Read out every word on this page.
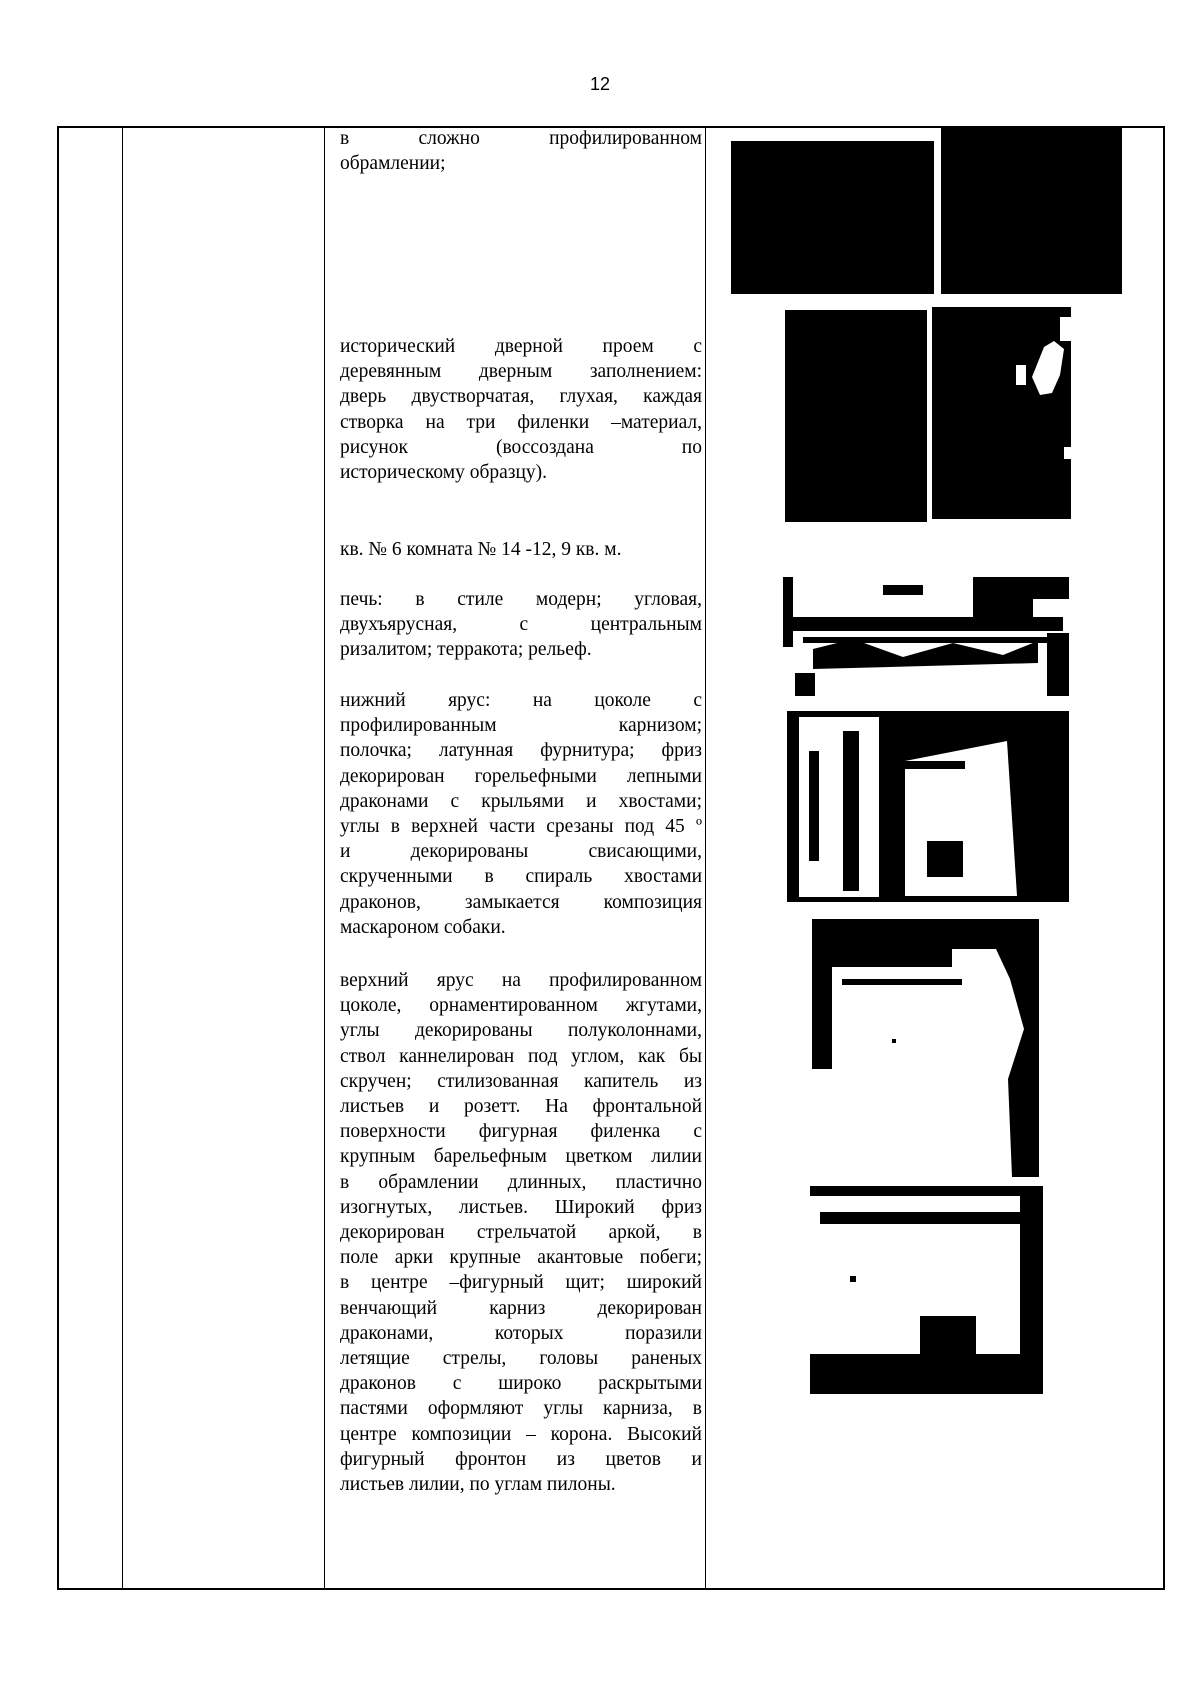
12

в сложно профилированном
обрамлении;

исторический дверной проем с
деревянным дверным заполнением:
дверь двустворчатая, глухая, каждая
створка на три филенки –материал,
рисунок (воссоздана по
историческому образцу).

кв. № 6 комната № 14 -12, 9 кв. м.

печь: в стиле модерн; угловая,
двухъярусная, с центральным
ризалитом; терракота; рельеф.

нижний ярус: на цоколе с
профилированным карнизом;
полочка; латунная фурнитура; фриз
декорирован горельефными лепными
драконами с крыльями и хвостами;
углы в верхней части срезаны под 45 º
и декорированы свисающими,
скрученными в спираль хвостами
драконов, замыкается композиция
маскароном собаки.

верхний ярус на профилированном
цоколе, орнаментированном жгутами,
углы декорированы полуколоннами,
ствол каннелирован под углом, как бы
скручен; стилизованная капитель из
листьев и розетт. На фронтальной
поверхности фигурная филенка с
крупным барельефным цветком лилии
в обрамлении длинных, пластично
изогнутых, листьев. Широкий фриз
декорирован стрельчатой аркой, в
поле арки крупные акантовые побеги;
в центре –фигурный щит; широкий
венчающий карниз декорирован
драконами, которых поразили
летящие стрелы, головы раненых
драконов с широко раскрытыми
пастями оформляют углы карниза, в
центре композиции – корона. Высокий
фигурный фронтон из цветов и
листьев лилии, по углам пилоны.
